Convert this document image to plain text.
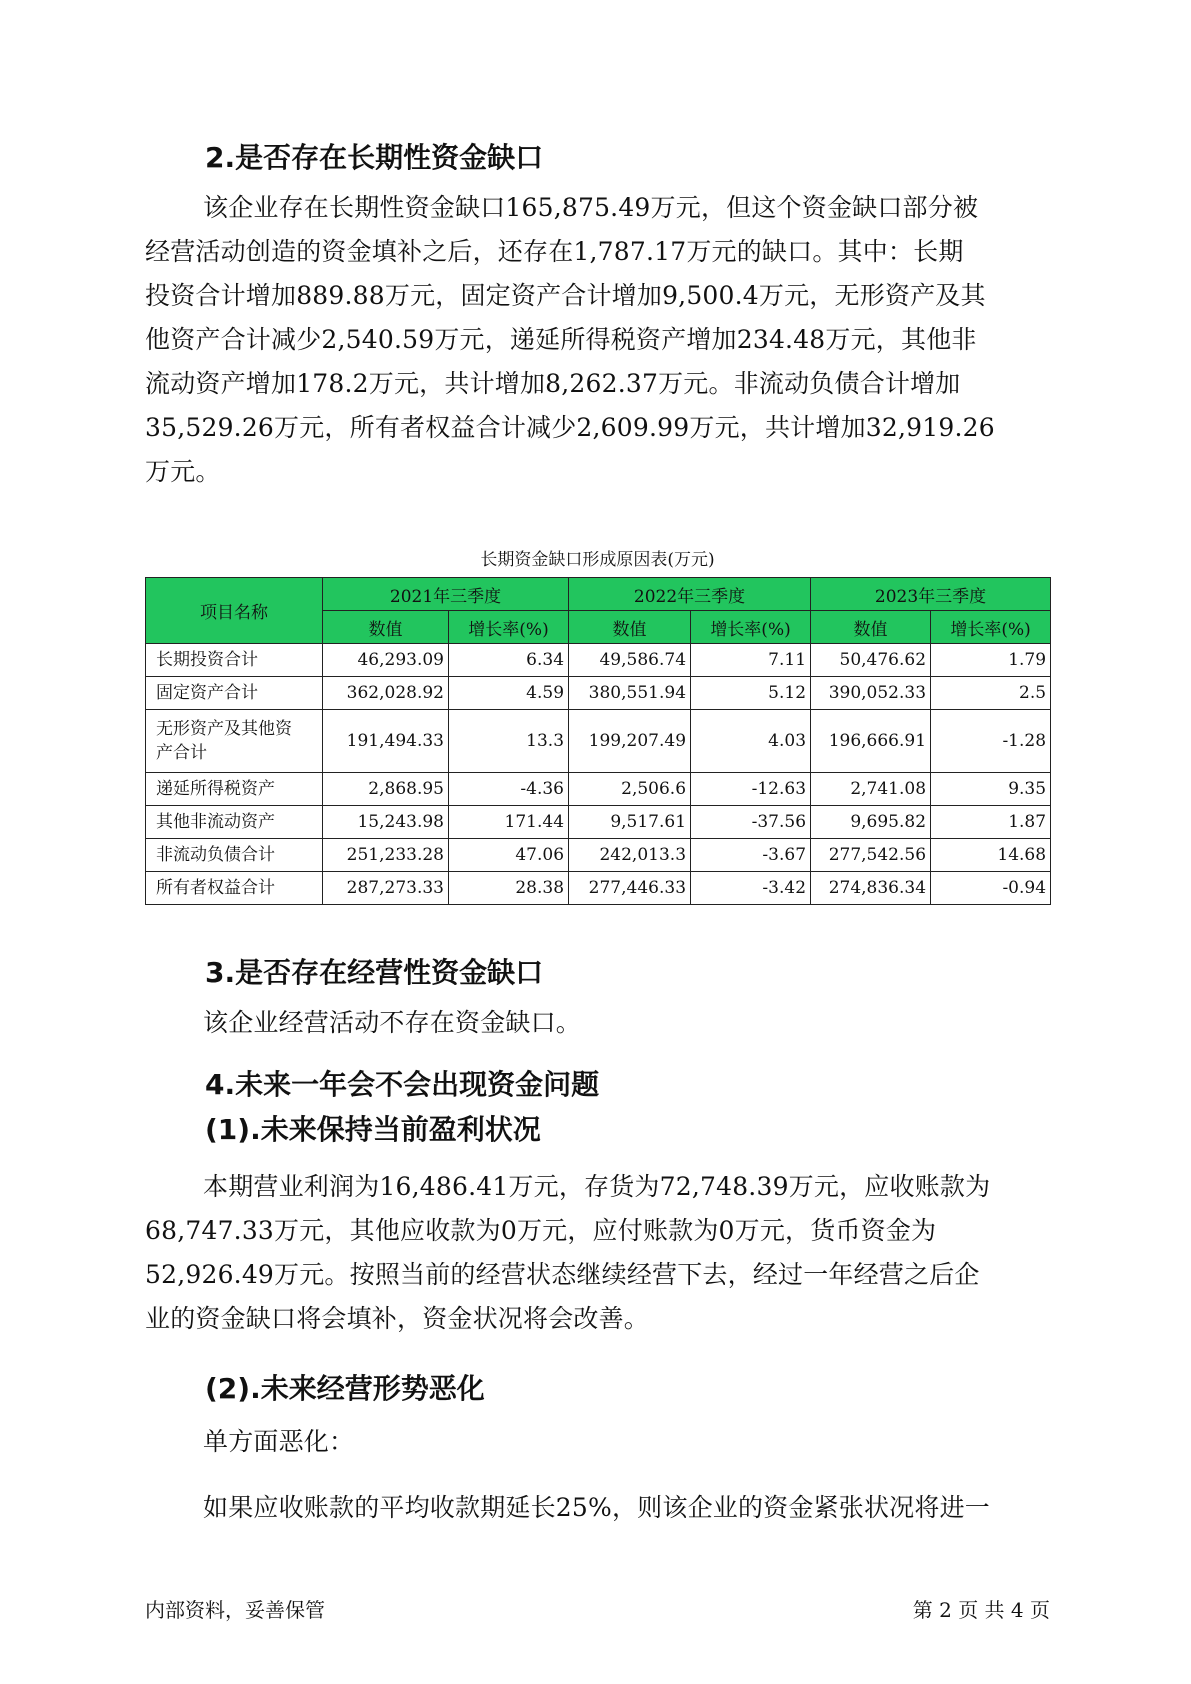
2.是否存在长期性资金缺口
该企业存在长期性资金缺口165,875.49万元，但这个资金缺口部分被
经营活动创造的资金填补之后，还存在1,787.17万元的缺口。其中：长期
投资合计增加889.88万元，固定资产合计增加9,500.4万元，无形资产及其
他资产合计减少2,540.59万元，递延所得税资产增加234.48万元，其他非
流动资产增加178.2万元，共计增加8,262.37万元。非流动负债合计增加
35,529.26万元，所有者权益合计减少2,609.99万元，共计增加32,919.26
万元。
长期资金缺口形成原因表(万元)
项目名称	2021年三季度		2022年三季度		2023年三季度	
	数值	增长率(%)	数值	增长率(%)	数值	增长率(%)
长期投资合计	46,293.09	6.34	49,586.74	7.11	50,476.62	1.79
固定资产合计	362,028.92	4.59	380,551.94	5.12	390,052.33	2.5
无形资产及其他资
产合计	191,494.33	13.3	199,207.49	4.03	196,666.91	-1.28
递延所得税资产	2,868.95	-4.36	2,506.6	-12.63	2,741.08	9.35
其他非流动资产	15,243.98	171.44	9,517.61	-37.56	9,695.82	1.87
非流动负债合计	251,233.28	47.06	242,013.3	-3.67	277,542.56	14.68
所有者权益合计	287,273.33	28.38	277,446.33	-3.42	274,836.34	-0.94
3.是否存在经营性资金缺口
该企业经营活动不存在资金缺口。
4.未来一年会不会出现资金问题
(1).未来保持当前盈利状况
本期营业利润为16,486.41万元，存货为72,748.39万元，应收账款为
68,747.33万元，其他应收款为0万元，应付账款为0万元，货币资金为
52,926.49万元。按照当前的经营状态继续经营下去，经过一年经营之后企
业的资金缺口将会填补，资金状况将会改善。
(2).未来经营形势恶化
单方面恶化：
如果应收账款的平均收款期延长25%，则该企业的资金紧张状况将进一
内部资料，妥善保管	第 2 页 共 4 页
